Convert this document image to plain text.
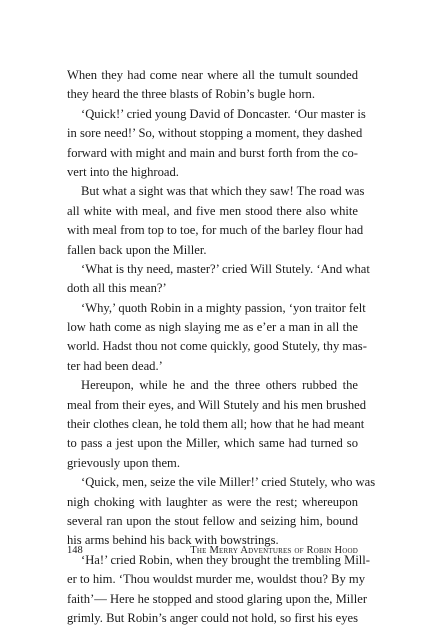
When they had come near where all the tumult sounded
they heard the three blasts of Robin’s bugle horn.
‘Quick!’ cried young David of Doncaster. ‘Our master is
in sore need!’ So, without stopping a moment, they dashed
forward with might and main and burst forth from the co-
vert into the highroad.
But what a sight was that which they saw! The road was
all white with meal, and five men stood there also white
with meal from top to toe, for much of the barley flour had
fallen back upon the Miller.
‘What is thy need, master?’ cried Will Stutely. ‘And what
doth all this mean?’
‘Why,’ quoth Robin in a mighty passion, ‘yon traitor felt
low hath come as nigh slaying me as e’er a man in all the
world. Hadst thou not come quickly, good Stutely, thy mas-
ter had been dead.’
Hereupon, while he and the three others rubbed the
meal from their eyes, and Will Stutely and his men brushed
their clothes clean, he told them all; how that he had meant
to pass a jest upon the Miller, which same had turned so
grievously upon them.
‘Quick, men, seize the vile Miller!’ cried Stutely, who was
nigh choking with laughter as were the rest; whereupon
several ran upon the stout fellow and seizing him, bound
his arms behind his back with bowstrings.
‘Ha!’ cried Robin, when they brought the trembling Mill-
er to him. ‘Thou wouldst murder me, wouldst thou? By my
faith’— Here he stopped and stood glaring upon the, Miller
grimly. But Robin’s anger could not hold, so first his eyes
148	The Merry Adventures of Robin Hood
